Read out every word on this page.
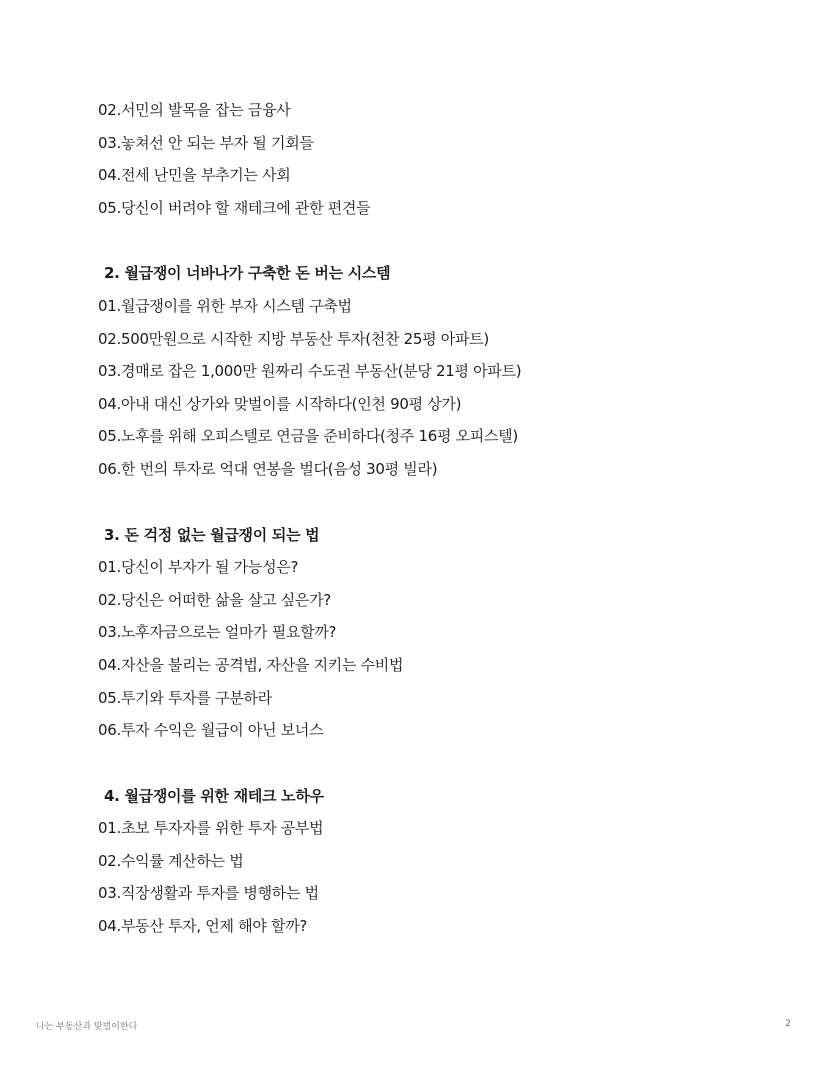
02.서민의 발목을 잡는 금융사
03.놓쳐선 안 되는 부자 될 기회들
04.전세 난민을 부추기는 사회
05.당신이 버려야 할 재테크에 관한 편견들
2. 월급쟁이 너바나가 구축한 돈 버는 시스템
01.월급쟁이를 위한 부자 시스템 구축법
02.500만원으로 시작한 지방 부동산 투자(천찬 25평 아파트)
03.경매로 잡은 1,000만 원짜리 수도권 부동산(분당 21평 아파트)
04.아내 대신 상가와 맞벌이를 시작하다(인천 90평 상가)
05.노후를 위해 오피스텔로 연금을 준비하다(청주 16평 오피스텔)
06.한 번의 투자로 억대 연봉을 벌다(음성 30평 빌라)
3. 돈 걱정 없는 월급쟁이 되는 법
01.당신이 부자가 될 가능성은?
02.당신은 어떠한 삶을 살고 싶은가?
03.노후자금으로는 얼마가 필요할까?
04.자산을 불리는 공격법, 자산을 지키는 수비법
05.투기와 투자를 구분하라
06.투자 수익은 월급이 아닌 보너스
4. 월급쟁이를 위한 재테크 노하우
01.초보 투자자를 위한 투자 공부법
02.수익률 계산하는 법
03.직장생활과 투자를 병행하는 법
04.부동산 투자, 언제 해야 할까?
나는 부동산과 맞벌이한다	2
